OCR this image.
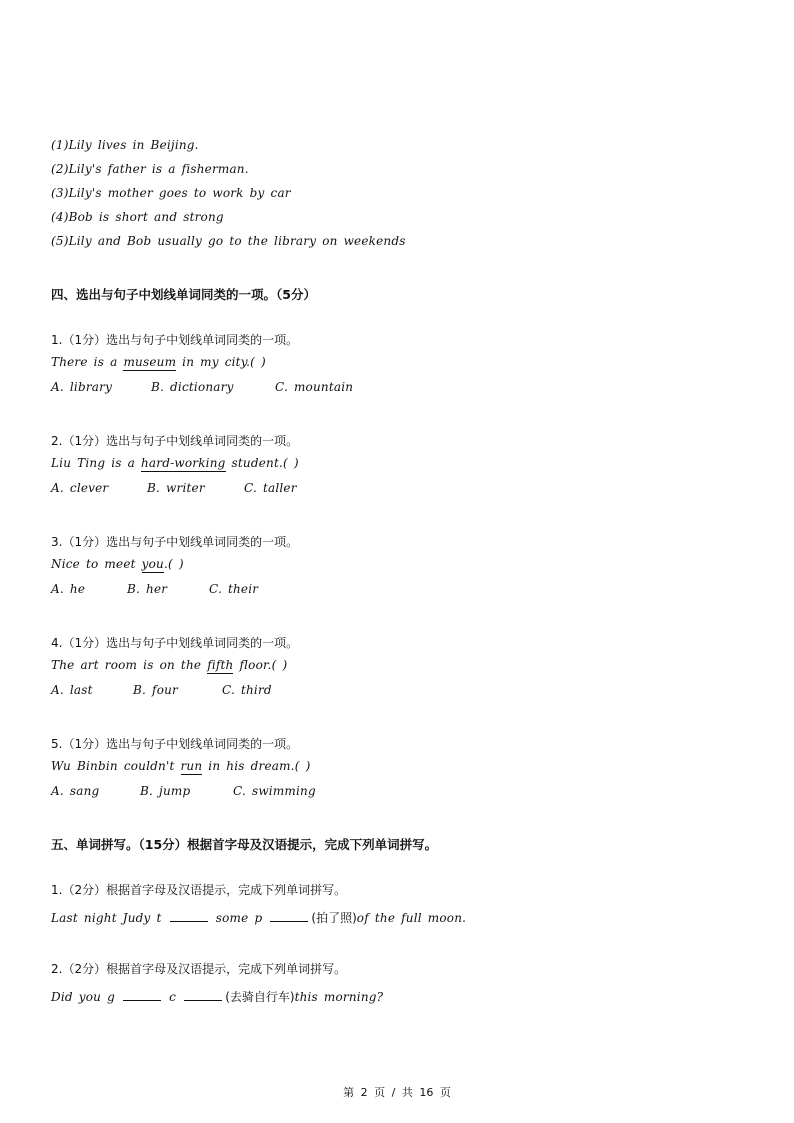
(1)Lily lives in Beijing.
(2)Lily's father is a fisherman.
(3)Lily's mother goes to work by car
(4)Bob is short and strong
(5)Lily and Bob usually go to the library on weekends
四、选出与句子中划线单词同类的一项。（5分）
1.（1分）选出与句子中划线单词同类的一项。
There is a museum in my city.( )
A. library	B. dictionary	C. mountain
2.（1分）选出与句子中划线单词同类的一项。
Liu Ting is a hard-working student.( )
A. clever	B. writer	C. taller
3.（1分）选出与句子中划线单词同类的一项。
Nice to meet you.( )
A. he	B. her	C. their
4.（1分）选出与句子中划线单词同类的一项。
The art room is on the fifth floor.( )
A. last	B. four	C. third
5.（1分）选出与句子中划线单词同类的一项。
Wu Binbin couldn't run in his dream.( )
A. sang	B. jump	C. swimming
五、单词拼写。（15分）根据首字母及汉语提示，完成下列单词拼写。
1.（2分）根据首字母及汉语提示，完成下列单词拼写。
Last night Judy t	some p	(拍了照)of the full moon.
2.（2分）根据首字母及汉语提示，完成下列单词拼写。
Did you g	c	(去骑自行车)this morning?
第 2 页 / 共 16 页
